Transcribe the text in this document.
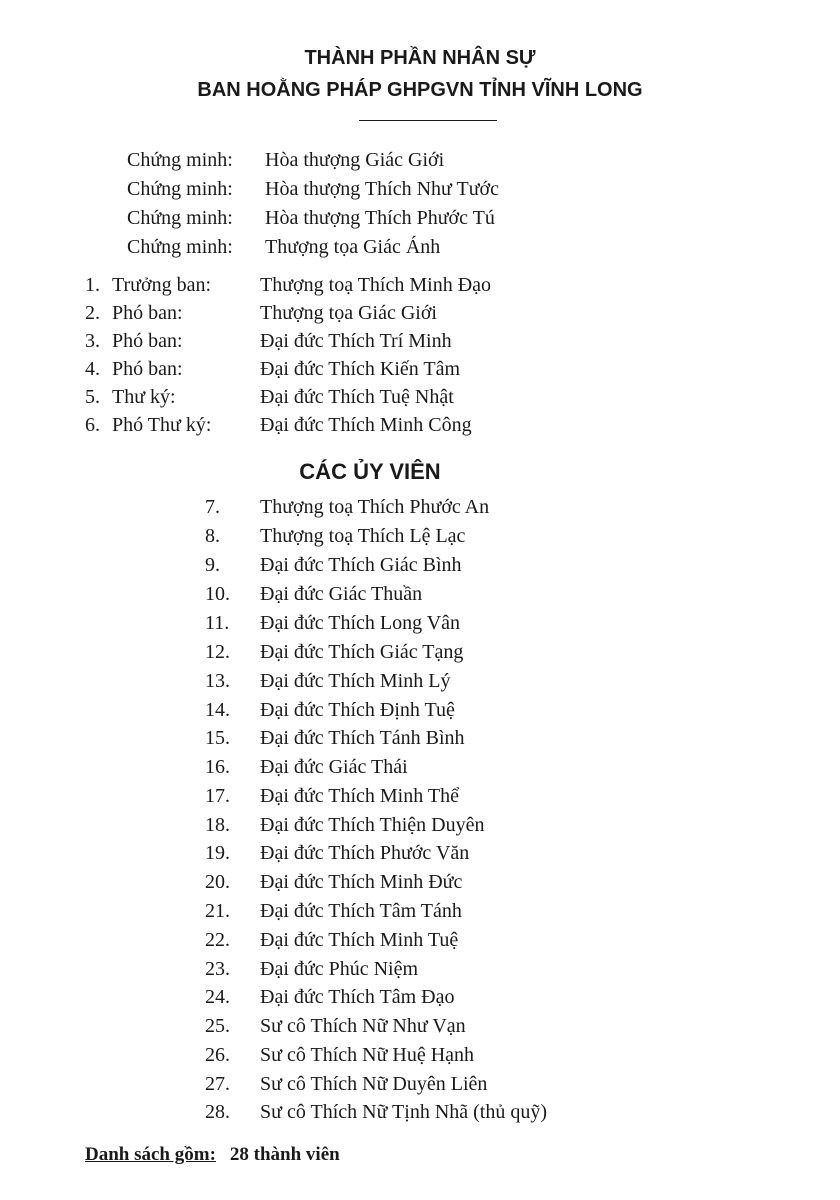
THÀNH PHẦN NHÂN SỰ
BAN HOẰNG PHÁP GHPGVN TỈNH VĨNH LONG
Chứng minh: Hòa thượng Giác Giới
Chứng minh: Hòa thượng Thích Như Tước
Chứng minh: Hòa thượng Thích Phước Tú
Chứng minh: Thượng tọa Giác Ánh
1. Trưởng ban: Thượng toạ Thích Minh Đạo
2. Phó ban:	Thượng tọa Giác Giới
3. Phó ban:	Đại đức Thích Trí Minh
4. Phó ban:	Đại đức Thích Kiến Tâm
5. Thư ký:	Đại đức Thích Tuệ Nhật
6. Phó Thư ký: Đại đức Thích Minh Công
CÁC ỦY VIÊN
7. Thượng toạ Thích Phước An
8. Thượng toạ Thích Lệ Lạc
9. Đại đức Thích Giác Bình
10. Đại đức Giác Thuần
11. Đại đức Thích Long Vân
12. Đại đức Thích Giác Tạng
13. Đại đức Thích Minh Lý
14. Đại đức Thích Định Tuệ
15. Đại đức Thích Tánh Bình
16. Đại đức Giác Thái
17. Đại đức Thích Minh Thể
18. Đại đức Thích Thiện Duyên
19. Đại đức Thích Phước Văn
20. Đại đức Thích Minh Đức
21. Đại đức Thích Tâm Tánh
22. Đại đức Thích Minh Tuệ
23. Đại đức Phúc Niệm
24. Đại đức Thích Tâm Đạo
25. Sư cô Thích Nữ Như Vạn
26. Sư cô Thích Nữ Huệ Hạnh
27. Sư cô Thích Nữ Duyên Liên
28. Sư cô Thích Nữ Tịnh Nhã (thủ quỹ)
Danh sách gồm: 28 thành viên
